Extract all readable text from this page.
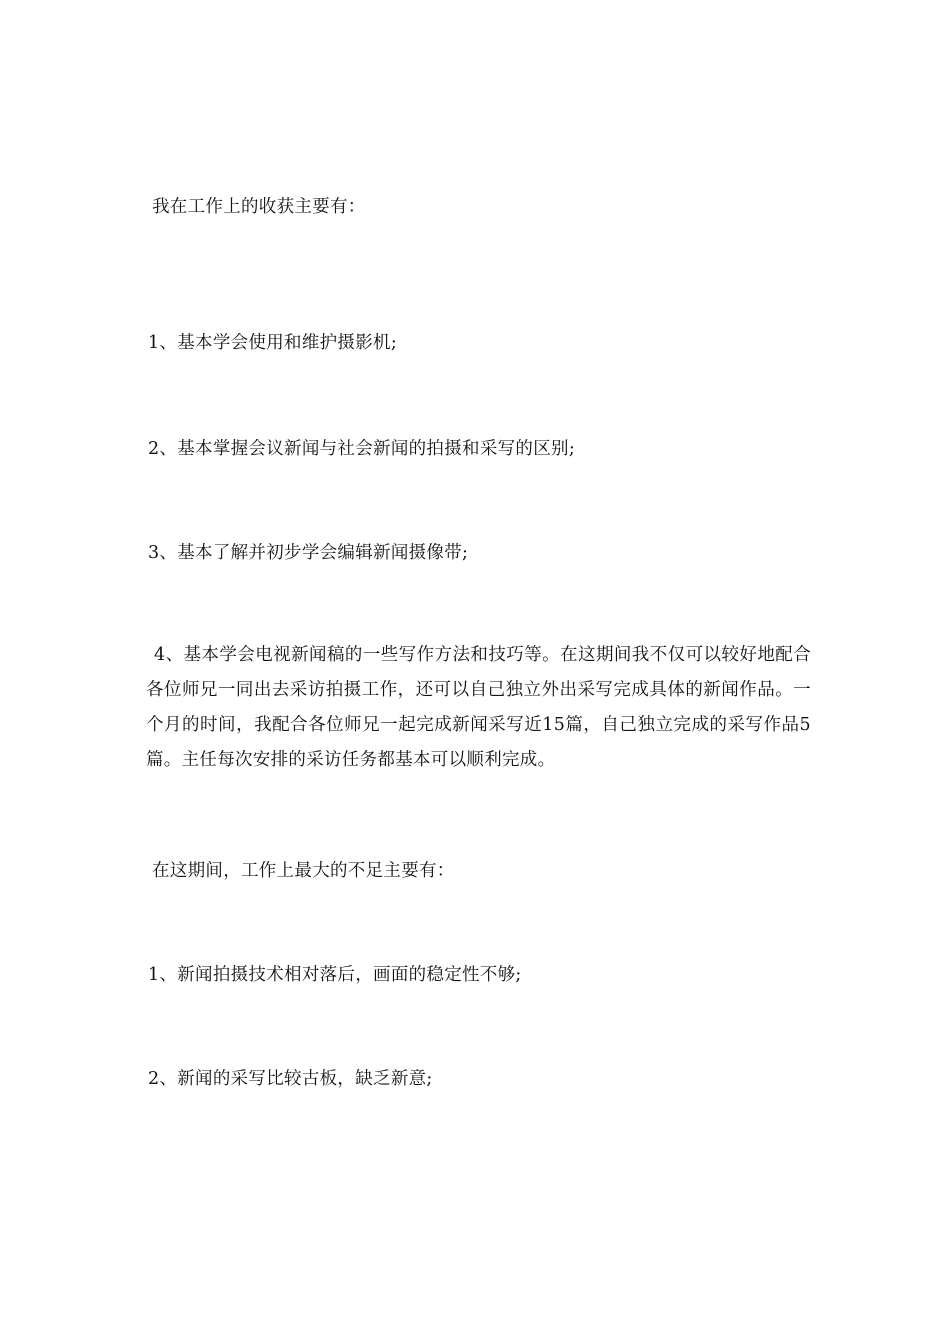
我在工作上的收获主要有：
1、基本学会使用和维护摄影机;
2、基本掌握会议新闻与社会新闻的拍摄和采写的区别;
3、基本了解并初步学会编辑新闻摄像带;
4、基本学会电视新闻稿的一些写作方法和技巧等。在这期间我不仅可以较好地配合各位师兄一同出去采访拍摄工作，还可以自己独立外出采写完成具体的新闻作品。一个月的时间，我配合各位师兄一起完成新闻采写近15篇，自己独立完成的采写作品5篇。主任每次安排的采访任务都基本可以顺利完成。
在这期间，工作上最大的不足主要有：
1、新闻拍摄技术相对落后，画面的稳定性不够;
2、新闻的采写比较古板，缺乏新意;
